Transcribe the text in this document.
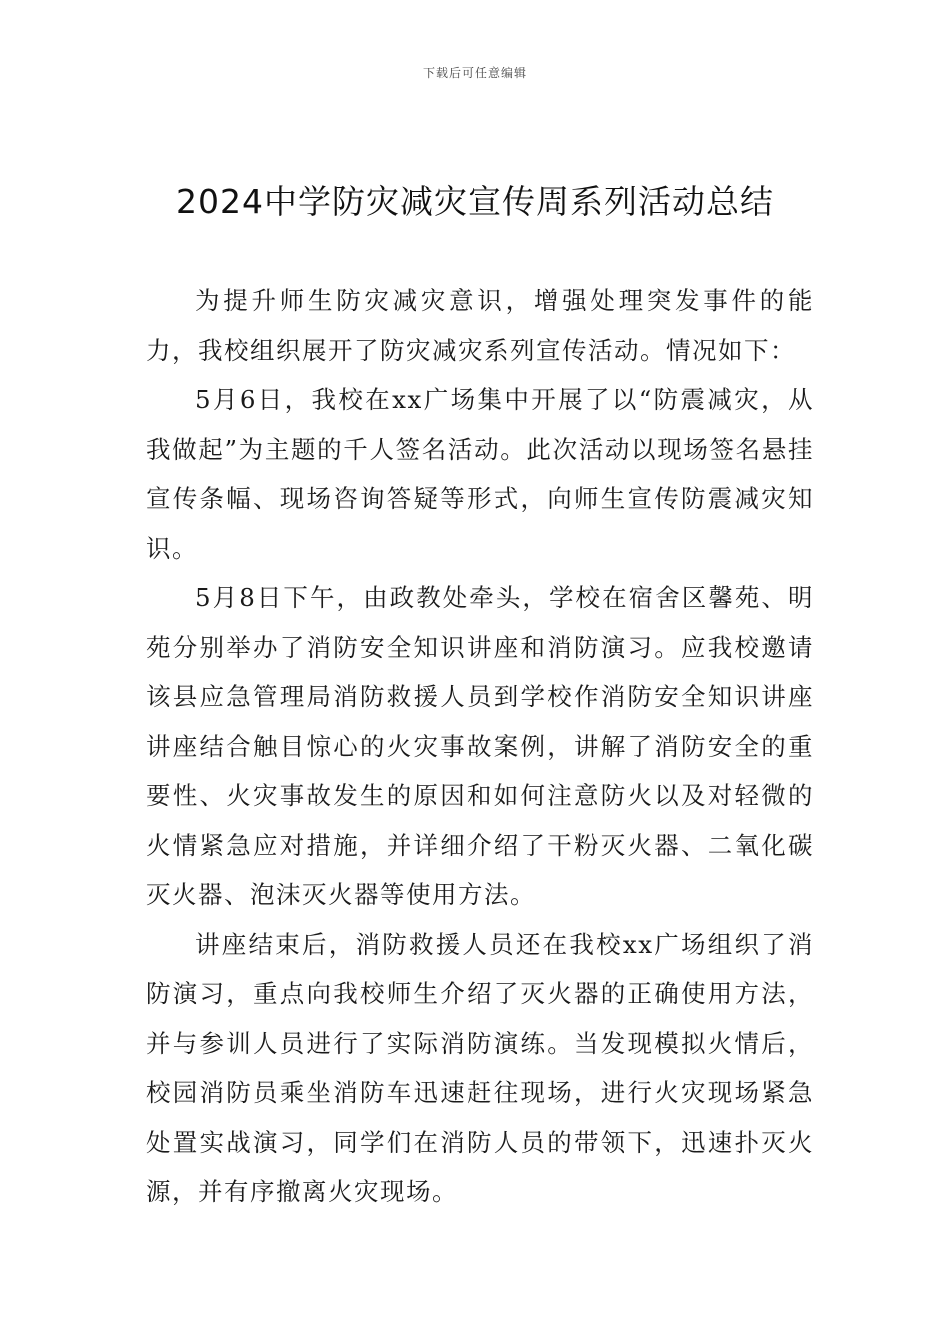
下载后可任意编辑
2024中学防灾减灾宣传周系列活动总结

为提升师生防灾减灾意识，增强处理突发事件的能力，我校组织展开了防灾减灾系列宣传活动。情况如下：

5月6日，我校在xx广场集中开展了以“防震减灾，从我做起”为主题的千人签名活动。此次活动以现场签名悬挂宣传条幅、现场咨询答疑等形式，向师生宣传防震减灾知识。

5月8日下午，由政教处牵头，学校在宿舍区馨苑、明苑分别举办了消防安全知识讲座和消防演习。应我校邀请该县应急管理局消防救援人员到学校作消防安全知识讲座讲座结合触目惊心的火灾事故案例，讲解了消防安全的重要性、火灾事故发生的原因和如何注意防火以及对轻微的火情紧急应对措施，并详细介绍了干粉灭火器、二氧化碳灭火器、泡沫灭火器等使用方法。

讲座结束后，消防救援人员还在我校xx广场组织了消防演习，重点向我校师生介绍了灭火器的正确使用方法，并与参训人员进行了实际消防演练。当发现模拟火情后，校园消防员乘坐消防车迅速赶往现场，进行火灾现场紧急处置实战演习，同学们在消防人员的带领下，迅速扑灭火源，并有序撤离火灾现场。
